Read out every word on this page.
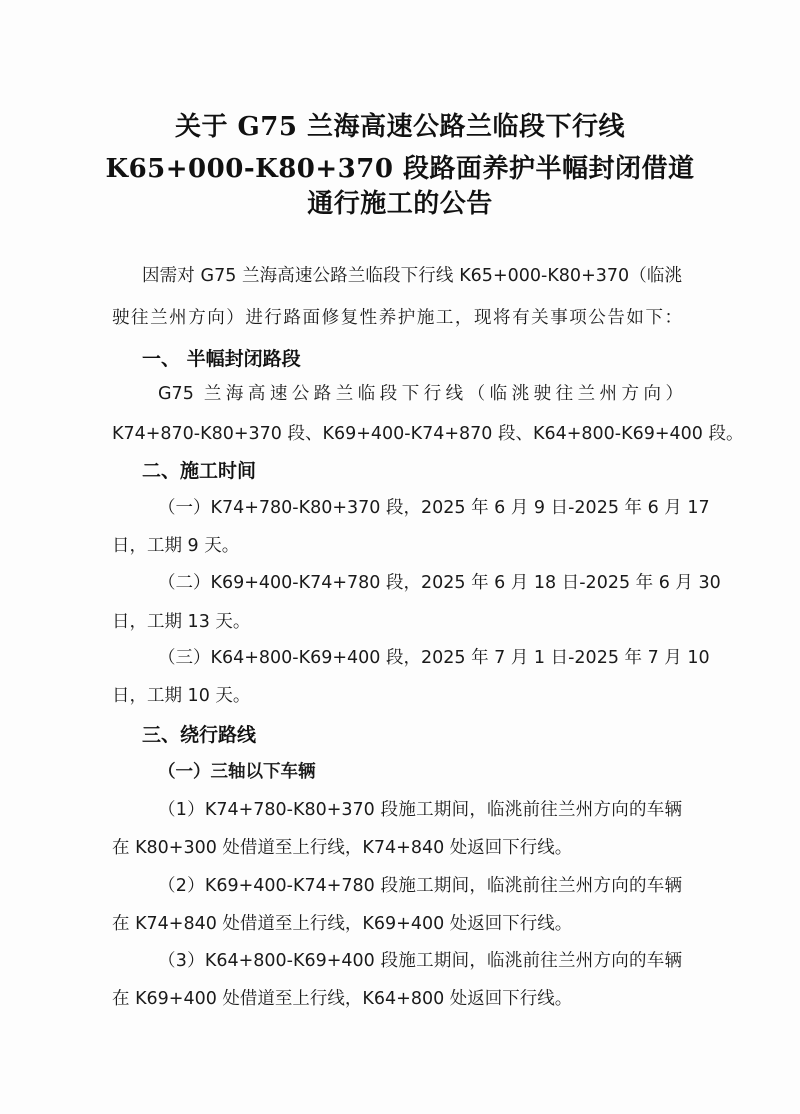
关于 G75 兰海高速公路兰临段下行线
K65+000-K80+370 段路面养护半幅封闭借道
通行施工的公告
因需对 G75 兰海高速公路兰临段下行线 K65+000-K80+370（临洮
驶往兰州方向）进行路面修复性养护施工，现将有关事项公告如下：
一、 半幅封闭路段
G75 兰海高速公路兰临段下行线（临洮驶往兰州方向）
K74+870-K80+370 段、K69+400-K74+870 段、K64+800-K69+400 段。
二、施工时间
（一）K74+780-K80+370 段，2025 年 6 月 9 日-2025 年 6 月 17
日，工期 9 天。
（二）K69+400-K74+780 段，2025 年 6 月 18 日-2025 年 6 月 30
日，工期 13 天。
（三）K64+800-K69+400 段，2025 年 7 月 1 日-2025 年 7 月 10
日，工期 10 天。
三、绕行路线
（一）三轴以下车辆
（1）K74+780-K80+370 段施工期间，临洮前往兰州方向的车辆
在 K80+300 处借道至上行线，K74+840 处返回下行线。
（2）K69+400-K74+780 段施工期间，临洮前往兰州方向的车辆
在 K74+840 处借道至上行线，K69+400 处返回下行线。
（3）K64+800-K69+400 段施工期间，临洮前往兰州方向的车辆
在 K69+400 处借道至上行线，K64+800 处返回下行线。
